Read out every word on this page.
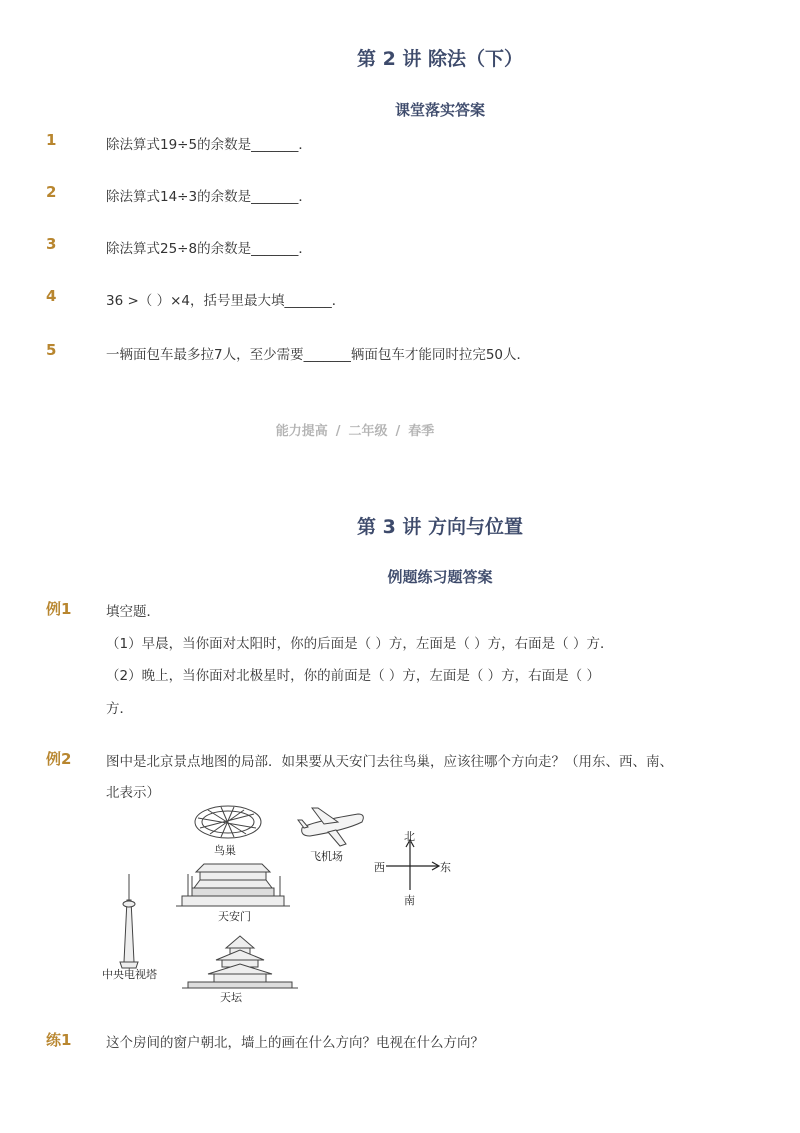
第 2 讲 除法（下）
课堂落实答案
1	除法算式19÷5的余数是_______．
2	除法算式14÷3的余数是_______．
3	除法算式25÷8的余数是_______．
4	36 >（ ）×4，括号里最大填_______．
5	一辆面包车最多拉7人，至少需要_______辆面包车才能同时拉完50人．
能力提高 / 二年级 / 春季
第 3 讲 方向与位置
例题练习题答案
例1	填空题．
（1）早晨，当你面对太阳时，你的后面是（ ）方，左面是（ ）方，右面是（ ）方．
（2）晚上，当你面对北极星时，你的前面是（ ）方，左面是（ ）方，右面是（ ）
方．
例2	图中是北京景点地图的局部．如果要从天安门去往鸟巢，应该往哪个方向走？（用东、西、南、
北表示）
鸟巢	飞机场
天安门
中央电视塔
天坛
北
南
东
西
练1	这个房间的窗户朝北，墙上的画在什么方向？电视在什么方向？
